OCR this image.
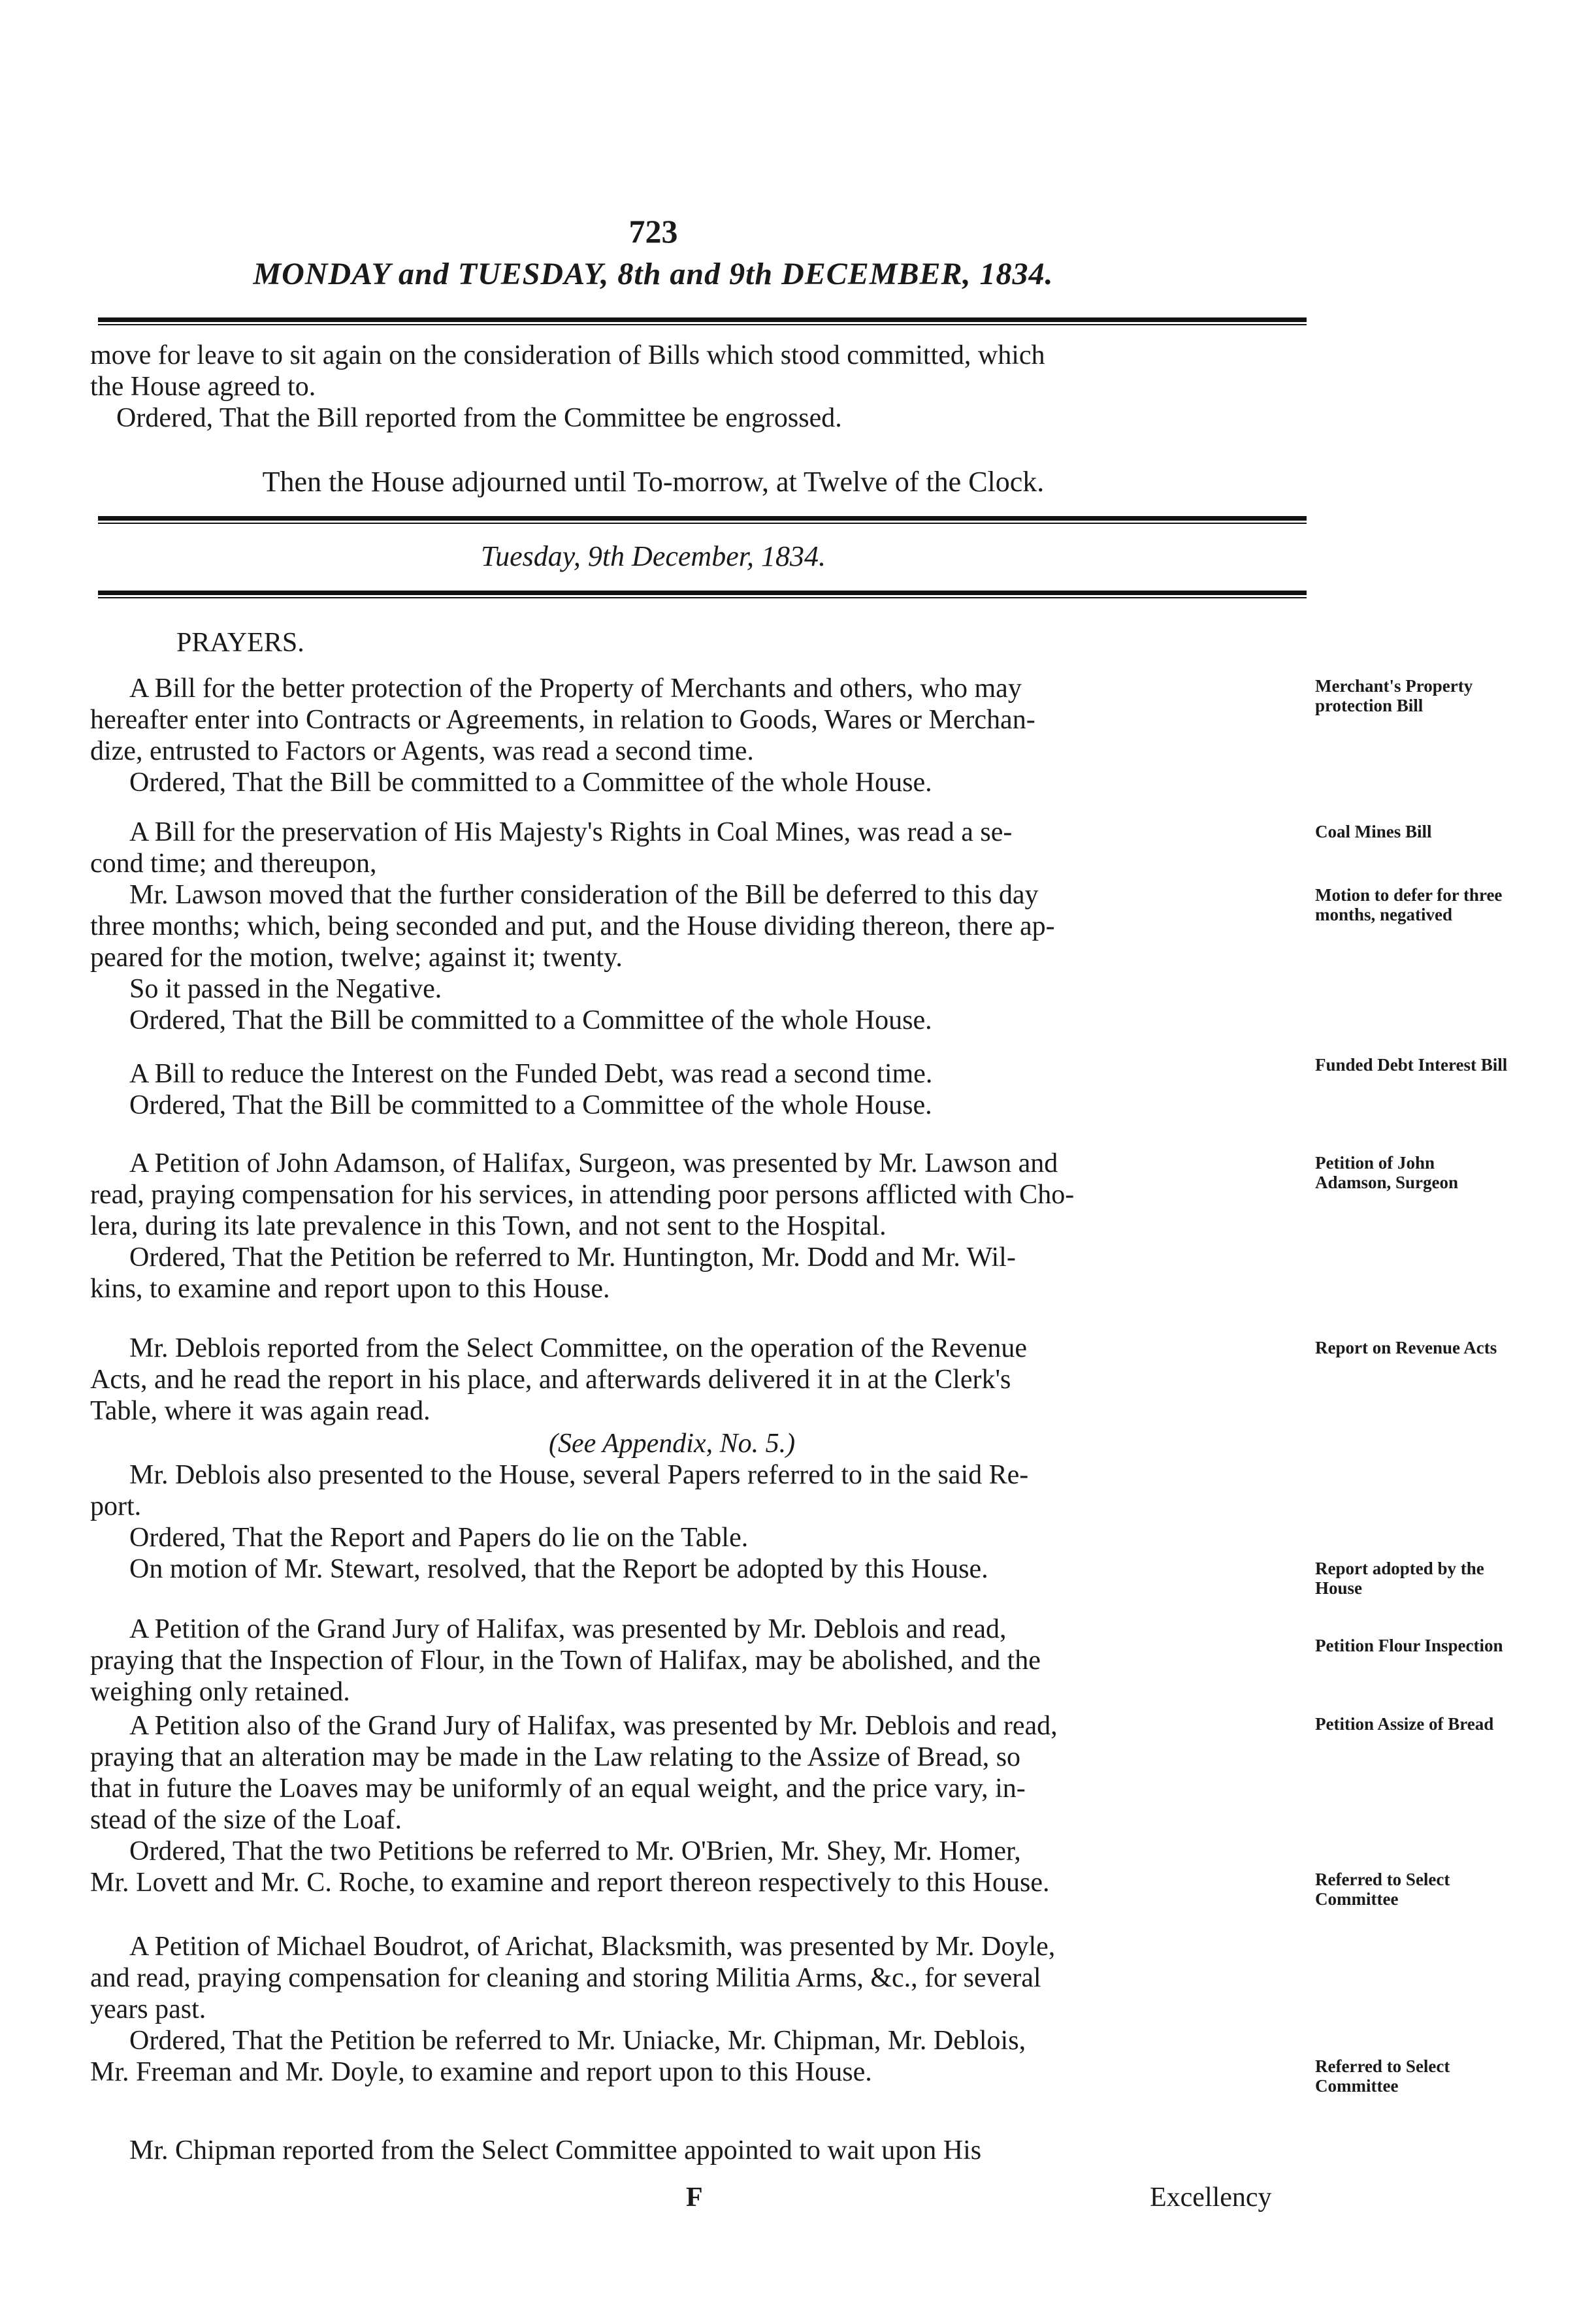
723
MONDAY and TUESDAY, 8th and 9th DECEMBER, 1834.
move for leave to sit again on the consideration of Bills which stood committed, which
the House agreed to.
Ordered, That the Bill reported from the Committee be engrossed.
Then the House adjourned until To-morrow, at Twelve of the Clock.
Tuesday, 9th December, 1834.
PRAYERS.
A Bill for the better protection of the Property of Merchants and others, who may
hereafter enter into Contracts or Agreements, in relation to Goods, Wares or Merchan-
dize, entrusted to Factors or Agents, was read a second time.
Ordered, That the Bill be committed to a Committee of the whole House.
Merchant's Property protection Bill
A Bill for the preservation of His Majesty's Rights in Coal Mines, was read a se-
cond time; and thereupon,
Mr. Lawson moved that the further consideration of the Bill be deferred to this day
three months; which, being seconded and put, and the House dividing thereon, there ap-
peared for the motion, twelve; against it; twenty.
So it passed in the Negative.
Ordered, That the Bill be committed to a Committee of the whole House.
Coal Mines Bill
Motion to defer for three months, negatived
A Bill to reduce the Interest on the Funded Debt, was read a second time.
Ordered, That the Bill be committed to a Committee of the whole House.
Funded Debt Interest Bill
A Petition of John Adamson, of Halifax, Surgeon, was presented by Mr. Lawson and
read, praying compensation for his services, in attending poor persons afflicted with Cho-
lera, during its late prevalence in this Town, and not sent to the Hospital.
Ordered, That the Petition be referred to Mr. Huntington, Mr. Dodd and Mr. Wil-
kins, to examine and report upon to this House.
Petition of John Adamson, Surgeon
Mr. Deblois reported from the Select Committee, on the operation of the Revenue
Acts, and he read the report in his place, and afterwards delivered it in at the Clerk's
Table, where it was again read.
Report on Revenue Acts
(See Appendix, No. 5.)
Mr. Deblois also presented to the House, several Papers referred to in the said Re-
port.
Ordered, That the Report and Papers do lie on the Table.
On motion of Mr. Stewart, resolved, that the Report be adopted by this House.	Report adopted by the House
A Petition of the Grand Jury of Halifax, was presented by Mr. Deblois and read,
praying that the Inspection of Flour, in the Town of Halifax, may be abolished, and the
weighing only retained.
Petition Flour Inspection
A Petition also of the Grand Jury of Halifax, was presented by Mr. Deblois and read,
praying that an alteration may be made in the Law relating to the Assize of Bread, so
that in future the Loaves may be uniformly of an equal weight, and the price vary, in-
stead of the size of the Loaf.
Ordered, That the two Petitions be referred to Mr. O'Brien, Mr. Shey, Mr. Homer,
Mr. Lovett and Mr. C. Roche, to examine and report thereon respectively to this House.
Petition Assize of Bread
Referred to Select Committee
A Petition of Michael Boudrot, of Arichat, Blacksmith, was presented by Mr. Doyle,
and read, praying compensation for cleaning and storing Militia Arms, &c., for several
years past.
Ordered, That the Petition be referred to Mr. Uniacke, Mr. Chipman, Mr. Deblois,
Mr. Freeman and Mr. Doyle, to examine and report upon to this House.	Referred to Select Committee
Mr. Chipman reported from the Select Committee appointed to wait upon His
F	Excellency
